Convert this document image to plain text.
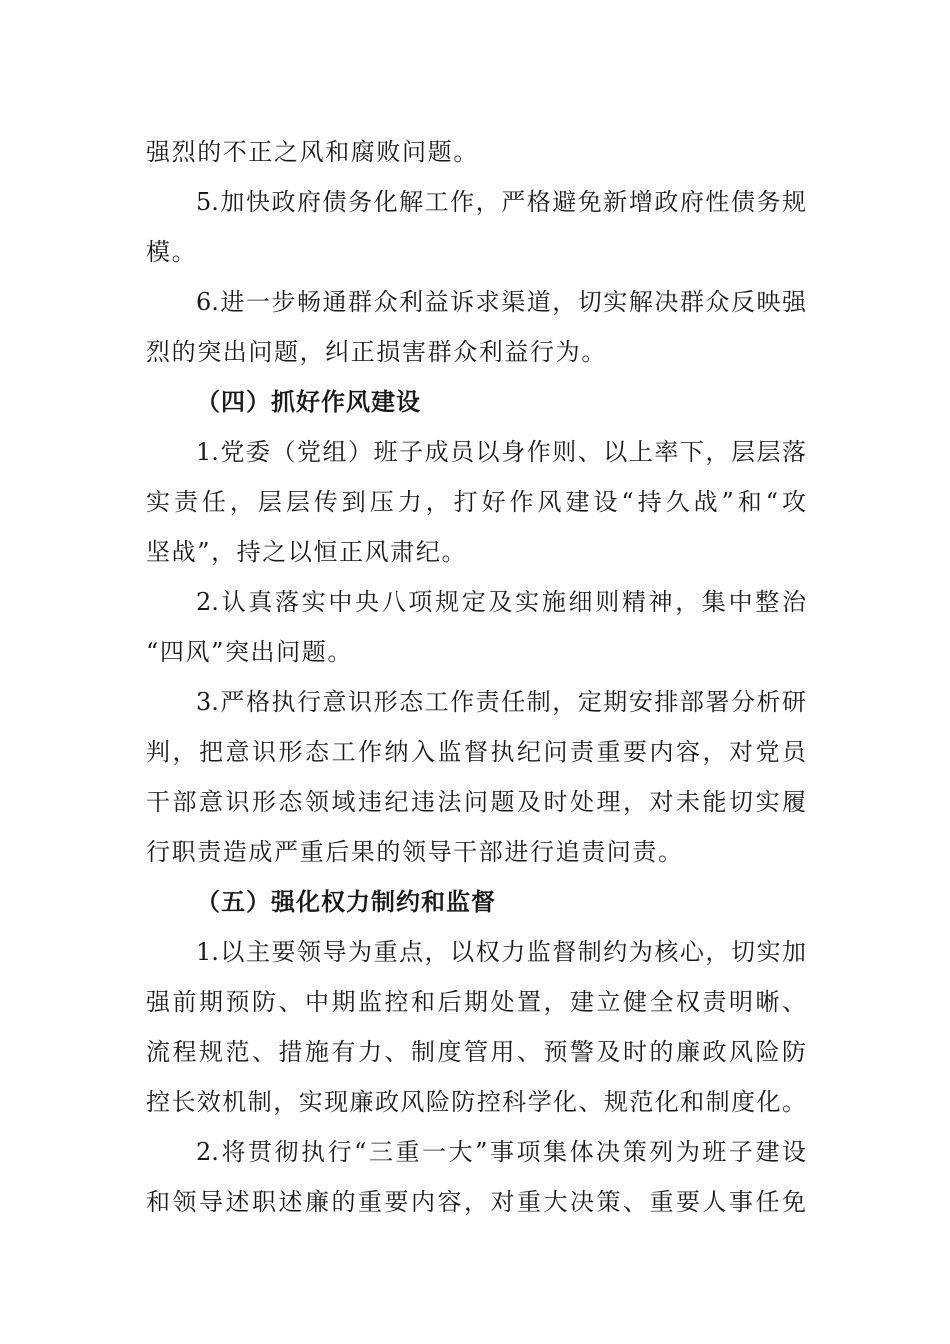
强烈的不正之风和腐败问题。
5.加快政府债务化解工作，严格避免新增政府性债务规
模。
6.进一步畅通群众利益诉求渠道，切实解决群众反映强
烈的突出问题，纠正损害群众利益行为。
（四）抓好作风建设
1.党委（党组）班子成员以身作则、以上率下，层层落
实责任，层层传到压力，打好作风建设“持久战”和“攻
坚战”，持之以恒正风肃纪。
2.认真落实中央八项规定及实施细则精神，集中整治
“四风”突出问题。
3.严格执行意识形态工作责任制，定期安排部署分析研
判，把意识形态工作纳入监督执纪问责重要内容，对党员
干部意识形态领域违纪违法问题及时处理，对未能切实履
行职责造成严重后果的领导干部进行追责问责。
（五）强化权力制约和监督
1.以主要领导为重点，以权力监督制约为核心，切实加
强前期预防、中期监控和后期处置，建立健全权责明晰、
流程规范、措施有力、制度管用、预警及时的廉政风险防
控长效机制，实现廉政风险防控科学化、规范化和制度化。
2.将贯彻执行“三重一大”事项集体决策列为班子建设
和领导述职述廉的重要内容，对重大决策、重要人事任免
